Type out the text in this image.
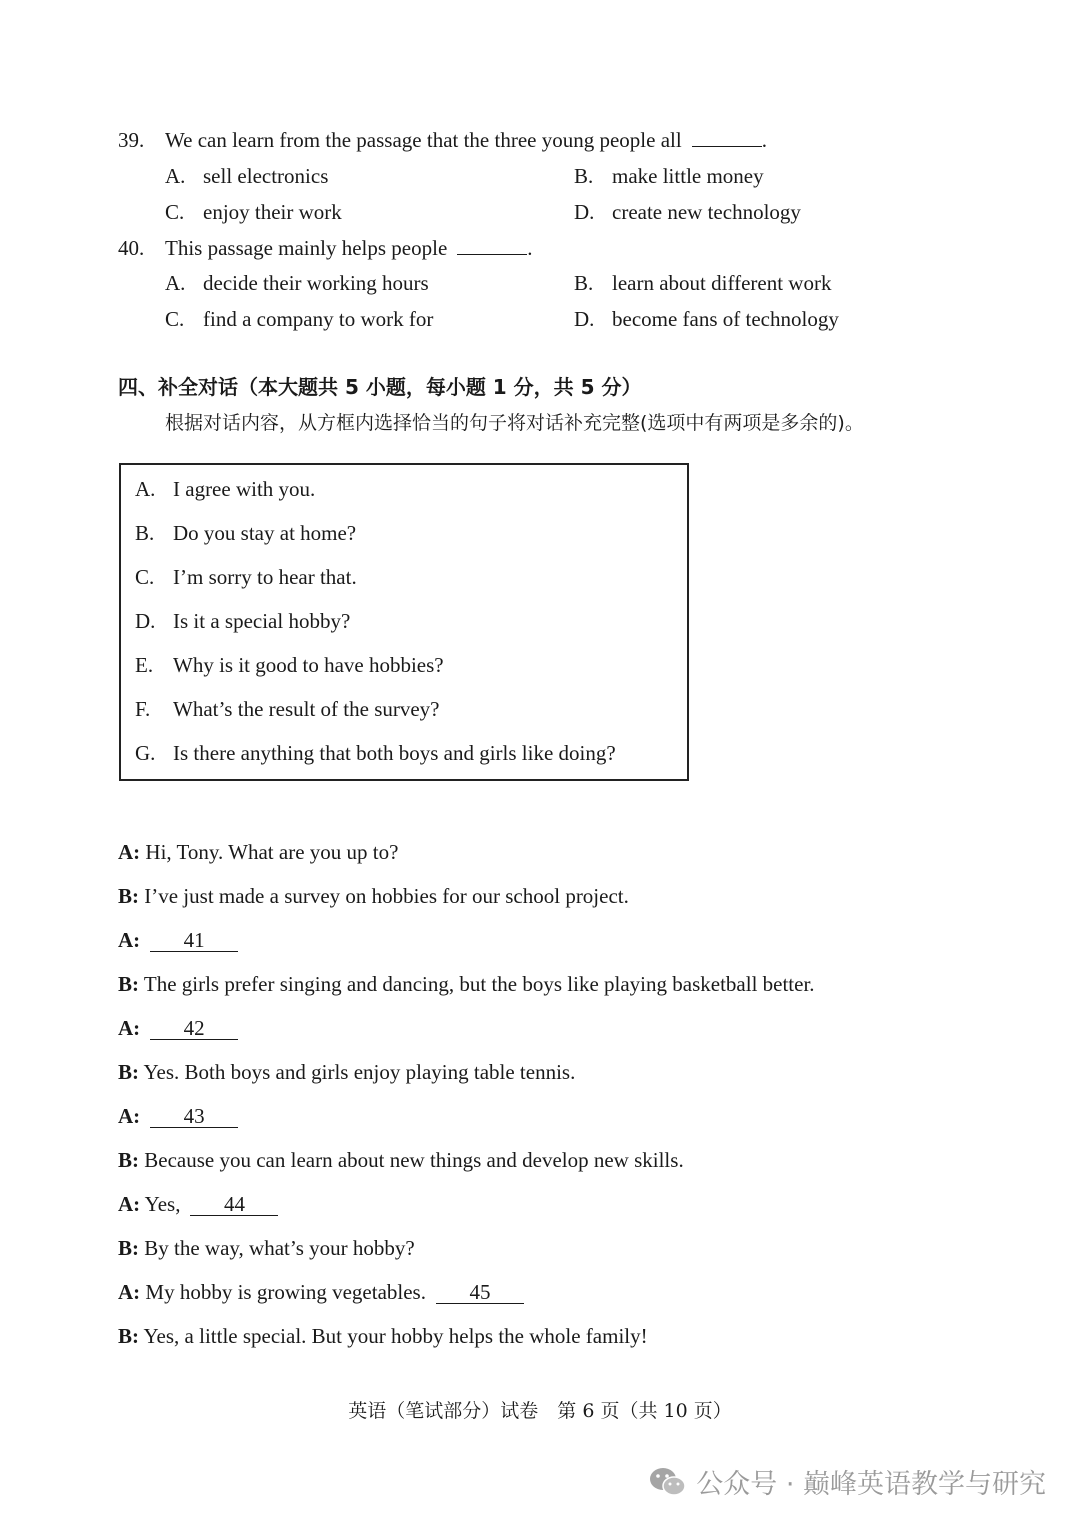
39. We can learn from the passage that the three young people all	.
A. sell electronics	B. make little money
C. enjoy their work	D. create new technology
40. This passage mainly helps people	.
A. decide their working hours	B. learn about different work
C. find a company to work for	D. become fans of technology
四、补全对话（本大题共 5 小题，每小题 1 分，共 5 分）
根据对话内容，从方框内选择恰当的句子将对话补充完整(选项中有两项是多余的)。
A. I agree with you.
B. Do you stay at home?
C. I’m sorry to hear that.
D. Is it a special hobby?
E. Why is it good to have hobbies?
F. What’s the result of the survey?
G. Is there anything that both boys and girls like doing?
A: Hi, Tony. What are you up to?
B: I’ve just made a survey on hobbies for our school project.
A: 41
B: The girls prefer singing and dancing, but the boys like playing basketball better.
A: 42
B: Yes. Both boys and girls enjoy playing table tennis.
A: 43
B: Because you can learn about new things and develop new skills.
A: Yes, 44
B: By the way, what’s your hobby?
A: My hobby is growing vegetables. 45
B: Yes, a little special. But your hobby helps the whole family!
英语（笔试部分）试卷　第 6 页（共 10 页）
公众号 · 巅峰英语教学与研究
